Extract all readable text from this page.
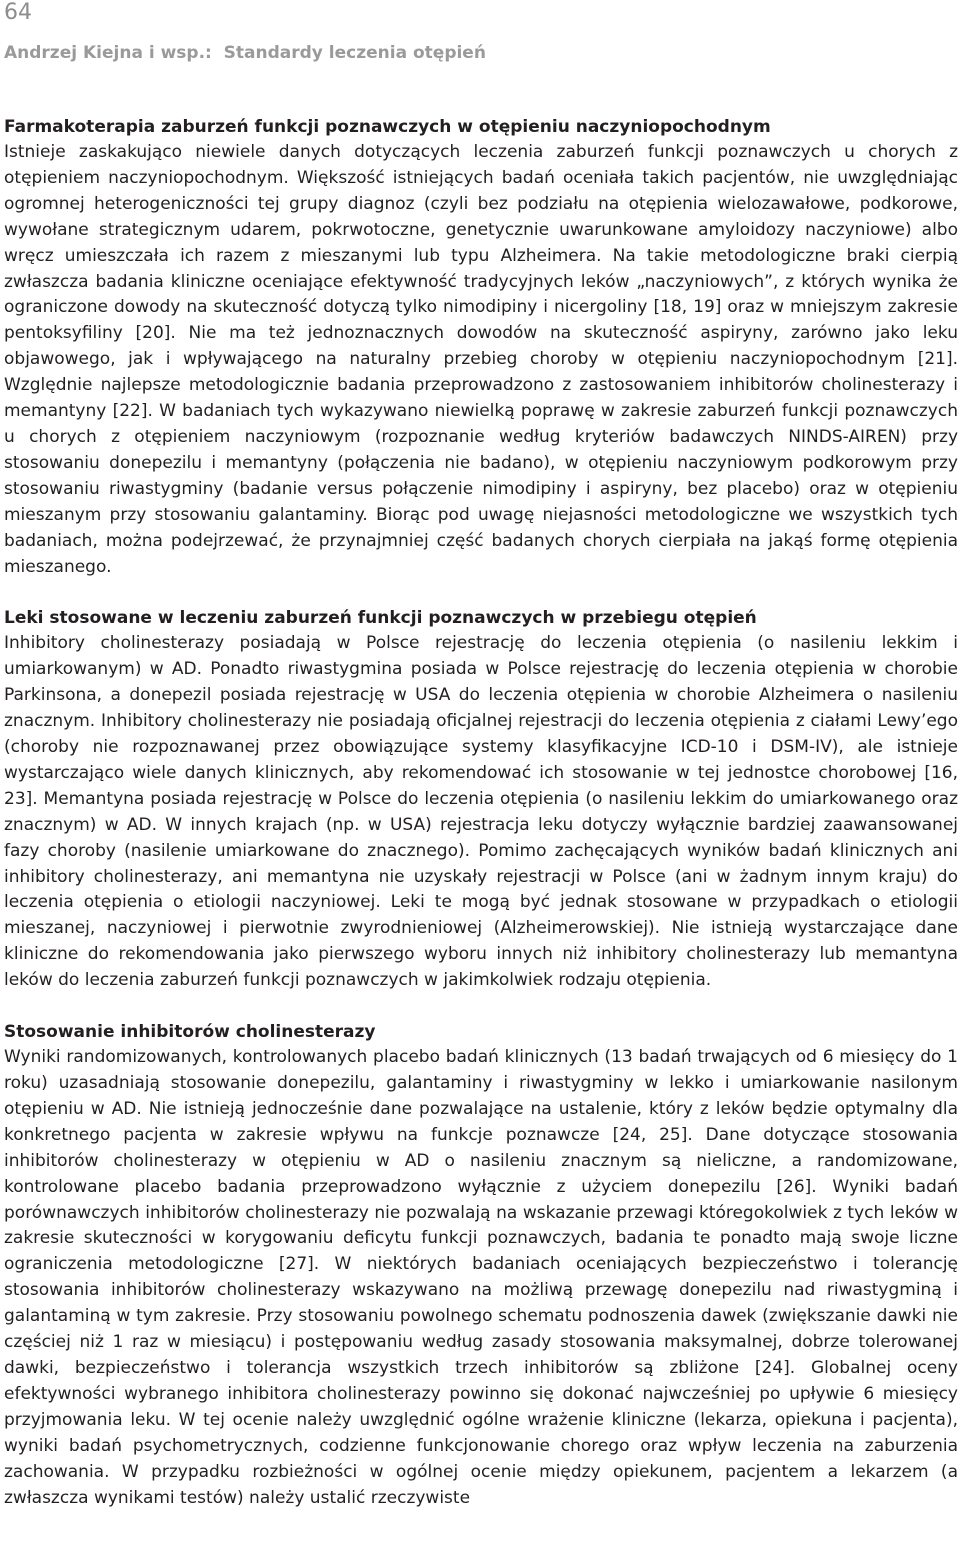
64
Andrzej Kiejna i wsp.:  Standardy leczenia otępień
Farmakoterapia zaburzeń funkcji poznawczych w otępieniu naczyniopochodnym

Istnieje zaskakująco niewiele danych dotyczących leczenia zaburzeń funkcji poznawczych u chorych z otępieniem naczyniopochodnym. Większość istniejących badań oceniała takich pacjentów, nie uwzględniając ogromnej heterogeniczności tej grupy diagnoz (czyli bez podziału na otępienia wielozawałowe, podkorowe, wywołane strategicznym udarem, pokrwotoczne, genetycznie uwarunkowane amyloidozy naczyniowe) albo wręcz umieszczała ich razem z mieszanymi lub typu Alzheimera. Na takie metodologiczne braki cierpią zwłaszcza badania kliniczne oceniające efektywność tradycyjnych leków „naczyniowych”, z których wynika że ograniczone dowody na skuteczność dotyczą tylko nimodipiny i nicergoliny [18, 19] oraz w mniejszym zakresie pentoksyfiliny [20]. Nie ma też jednoznacznych dowodów na skuteczność aspiryny, zarówno jako leku objawowego, jak i wpływającego na naturalny przebieg choroby w otępieniu naczyniopochodnym [21]. Względnie najlepsze metodologicznie badania przeprowadzono z zastosowaniem inhibitorów cholinesterazy i memantyny [22]. W badaniach tych wykazywano niewielką poprawę w zakresie zaburzeń funkcji poznawczych u chorych z otępieniem naczyniowym (rozpoznanie według kryteriów badawczych NINDS-AIREN) przy stosowaniu donepezilu i memantyny (połączenia nie badano), w otępieniu naczyniowym podkorowym przy stosowaniu riwastygminy (badanie versus połączenie nimodipiny i aspiryny, bez placebo) oraz w otępieniu mieszanym przy stosowaniu galantaminy. Biorąc pod uwagę niejasności metodologiczne we wszystkich tych badaniach, można podejrzewać, że przynajmniej część badanych chorych cierpiała na jakąś formę otępienia mieszanego.

Leki stosowane w leczeniu zaburzeń funkcji poznawczych w przebiegu otępień

Inhibitory cholinesterazy posiadają w Polsce rejestrację do leczenia otępienia (o nasileniu lekkim i umiarkowanym) w AD. Ponadto riwastygmina posiada w Polsce rejestrację do leczenia otępienia w chorobie Parkinsona, a donepezil posiada rejestrację w USA do leczenia otępienia w chorobie Alzheimera o nasileniu znacznym. Inhibitory cholinesterazy nie posiadają oficjalnej rejestracji do leczenia otępienia z ciałami Lewy’ego (choroby nie rozpoznawanej przez obowiązujące systemy klasyfikacyjne ICD-10 i DSM-IV), ale istnieje wystarczająco wiele danych klinicznych, aby rekomendować ich stosowanie w tej jednostce chorobowej [16, 23]. Memantyna posiada rejestrację w Polsce do leczenia otępienia (o nasileniu lekkim do umiarkowanego oraz znacznym) w AD. W innych krajach (np. w USA) rejestracja leku dotyczy wyłącznie bardziej zaawansowanej fazy choroby (nasilenie umiarkowane do znacznego). Pomimo zachęcających wyników badań klinicznych ani inhibitory cholinesterazy, ani memantyna nie uzyskały rejestracji w Polsce (ani w żadnym innym kraju) do leczenia otępienia o etiologii naczyniowej. Leki te mogą być jednak stosowane w przypadkach o etiologii mieszanej, naczyniowej i pierwotnie zwyrodnieniowej (Alzheimerowskiej). Nie istnieją wystarczające dane kliniczne do rekomendowania jako pierwszego wyboru innych niż inhibitory cholinesterazy lub memantyna leków do leczenia zaburzeń funkcji poznawczych w jakimkolwiek rodzaju otępienia.

Stosowanie inhibitorów cholinesterazy

Wyniki randomizowanych, kontrolowanych placebo badań klinicznych (13 badań trwających od 6 miesięcy do 1 roku) uzasadniają stosowanie donepezilu, galantaminy i riwastygminy w lekko i umiarkowanie nasilonym otępieniu w AD. Nie istnieją jednocześnie dane pozwalające na ustalenie, który z leków będzie optymalny dla konkretnego pacjenta w zakresie wpływu na funkcje poznawcze [24, 25]. Dane dotyczące stosowania inhibitorów cholinesterazy w otępieniu w AD o nasileniu znacznym są nieliczne, a randomizowane, kontrolowane placebo badania przeprowadzono wyłącznie z użyciem donepezilu [26]. Wyniki badań porównawczych inhibitorów cholinesterazy nie pozwalają na wskazanie przewagi któregokolwiek z tych leków w zakresie skuteczności w korygowaniu deficytu funkcji poznawczych, badania te ponadto mają swoje liczne ograniczenia metodologiczne [27]. W niektórych badaniach oceniających bezpieczeństwo i tolerancję stosowania inhibitorów cholinesterazy wskazywano na możliwą przewagę donepezilu nad riwastygminą i galantaminą w tym zakresie. Przy stosowaniu powolnego schematu podnoszenia dawek (zwiększanie dawki nie częściej niż 1 raz w miesiącu) i postępowaniu według zasady stosowania maksymalnej, dobrze tolerowanej dawki, bezpieczeństwo i tolerancja wszystkich trzech inhibitorów są zbliżone [24]. Globalnej oceny efektywności wybranego inhibitora cholinesterazy powinno się dokonać najwcześniej po upływie 6 miesięcy przyjmowania leku. W tej ocenie należy uwzględnić ogólne wrażenie kliniczne (lekarza, opiekuna i pacjenta), wyniki badań psychometrycznych, codzienne funkcjonowanie chorego oraz wpływ leczenia na zaburzenia zachowania. W przypadku rozbieżności w ogólnej ocenie między opiekunem, pacjentem a lekarzem (a zwłaszcza wynikami testów) należy ustalić rzeczywiste
